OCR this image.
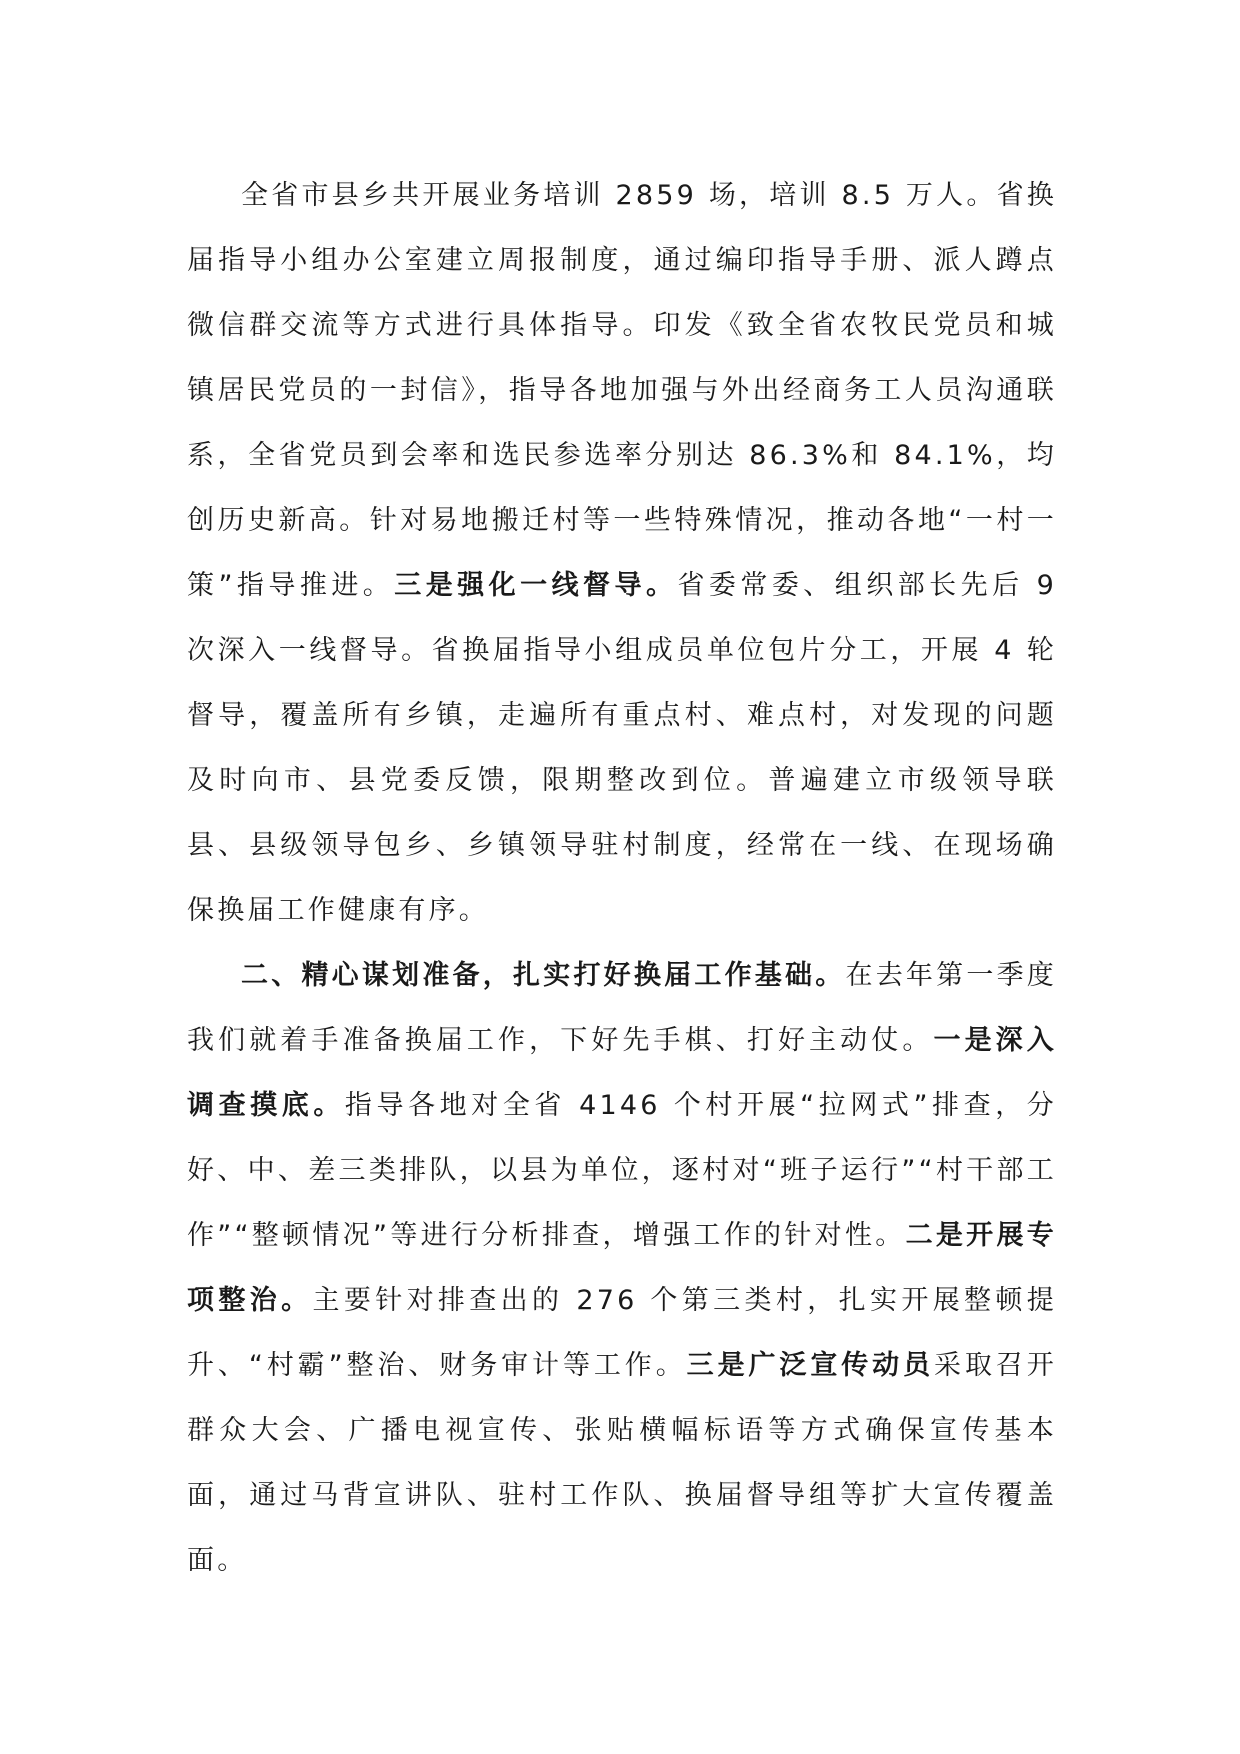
全省市县乡共开展业务培训 2859 场，培训 8.5 万人。省换届指导小组办公室建立周报制度，通过编印指导手册、派人蹲点微信群交流等方式进行具体指导。印发《致全省农牧民党员和城镇居民党员的一封信》，指导各地加强与外出经商务工人员沟通联系，全省党员到会率和选民参选率分别达 86.3%和 84.1%，均创历史新高。针对易地搬迁村等一些特殊情况，推动各地“一村一策”指导推进。三是强化一线督导。省委常委、组织部长先后 9 次深入一线督导。省换届指导小组成员单位包片分工，开展 4 轮督导，覆盖所有乡镇，走遍所有重点村、难点村，对发现的问题及时向市、县党委反馈，限期整改到位。普遍建立市级领导联县、县级领导包乡、乡镇领导驻村制度，经常在一线、在现场确保换届工作健康有序。

二、精心谋划准备，扎实打好换届工作基础。在去年第一季度我们就着手准备换届工作，下好先手棋、打好主动仗。一是深入调查摸底。指导各地对全省 4146 个村开展“拉网式”排查，分好、中、差三类排队，以县为单位，逐村对“班子运行”“村干部工作”“整顿情况”等进行分析排查，增强工作的针对性。二是开展专项整治。主要针对排查出的 276 个第三类村，扎实开展整顿提升、“村霸”整治、财务审计等工作。三是广泛宣传动员采取召开群众大会、广播电视宣传、张贴横幅标语等方式确保宣传基本面，通过马背宣讲队、驻村工作队、换届督导组等扩大宣传覆盖面。
